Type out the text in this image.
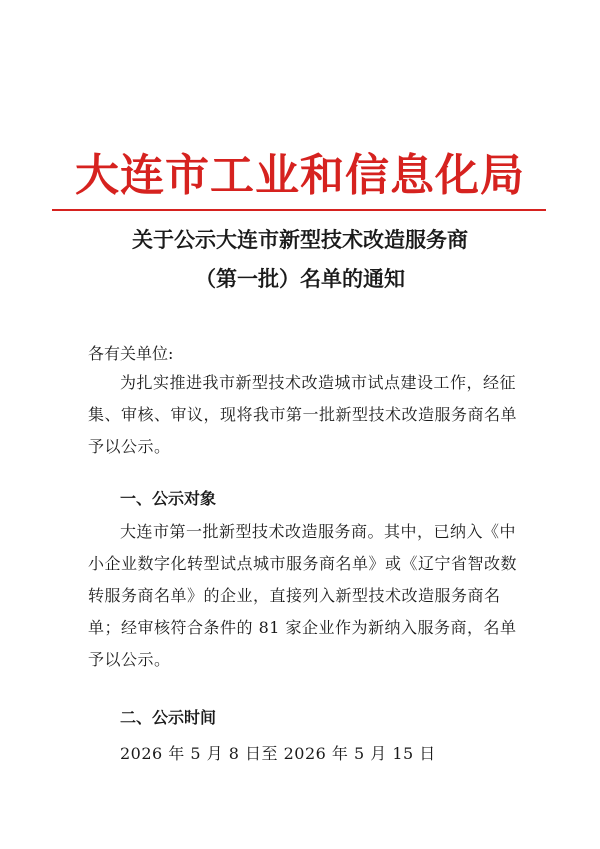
大连市工业和信息化局
关于公示大连市新型技术改造服务商
（第一批）名单的通知
各有关单位:

为扎实推进我市新型技术改造城市试点建设工作，经征集、审核、审议，现将我市第一批新型技术改造服务商名单予以公示。

一、公示对象

大连市第一批新型技术改造服务商。其中，已纳入《中小企业数字化转型试点城市服务商名单》或《辽宁省智改数转服务商名单》的企业，直接列入新型技术改造服务商名单；经审核符合条件的 81 家企业作为新纳入服务商，名单予以公示。

二、公示时间

2026 年 5 月 8 日至 2026 年 5 月 15 日
